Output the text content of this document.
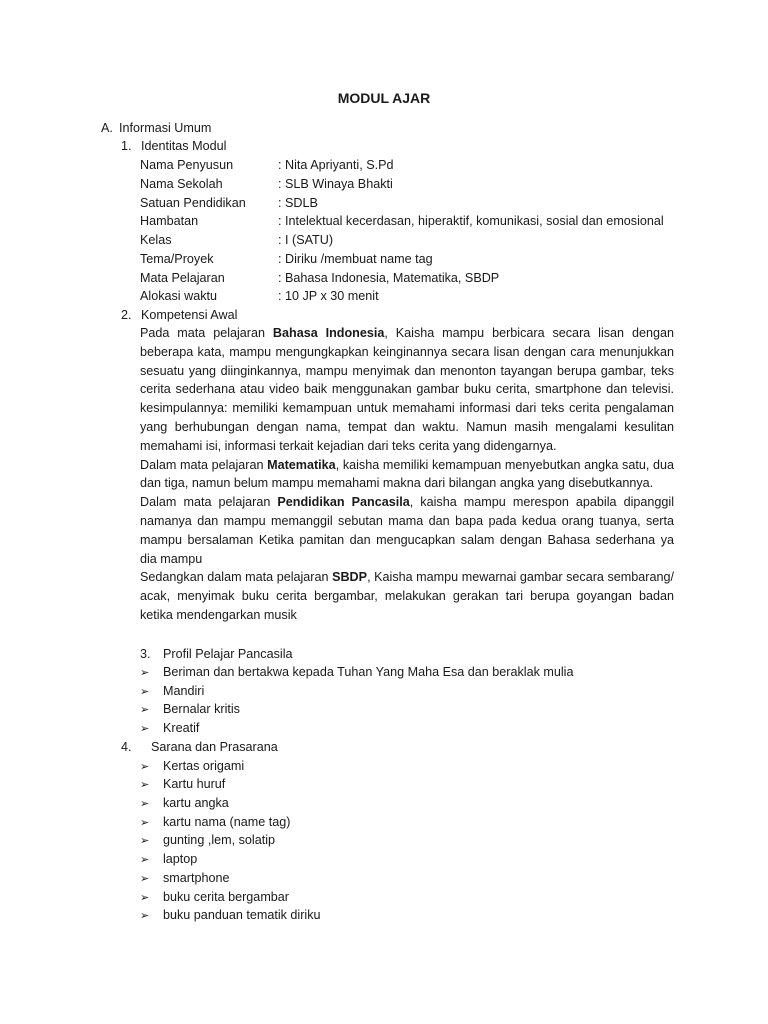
MODUL AJAR
A. Informasi Umum
1. Identitas Modul
Nama Penyusun	: Nita Apriyanti, S.Pd
Nama Sekolah	: SLB Winaya Bhakti
Satuan Pendidikan	: SDLB
Hambatan	: Intelektual kecerdasan, hiperaktif, komunikasi, sosial dan emosional
Kelas	: I (SATU)
Tema/Proyek	: Diriku /membuat name tag
Mata Pelajaran	: Bahasa Indonesia, Matematika, SBDP
Alokasi waktu	: 10 JP x 30 menit
2. Kompetensi Awal

Pada mata pelajaran Bahasa Indonesia, Kaisha mampu berbicara secara lisan dengan beberapa kata, mampu mengungkapkan keinginannya secara lisan dengan cara menunjukkan sesuatu yang diinginkannya, mampu menyimak dan menonton tayangan berupa gambar, teks cerita sederhana atau video baik menggunakan gambar buku cerita, smartphone dan televisi. kesimpulannya: memiliki kemampuan untuk memahami informasi dari teks cerita pengalaman yang berhubungan dengan nama, tempat dan waktu. Namun masih mengalami kesulitan memahami isi, informasi terkait kejadian dari teks cerita yang didengarnya.

Dalam mata pelajaran Matematika, kaisha memiliki kemampuan menyebutkan angka satu, dua dan tiga, namun belum mampu memahami makna dari bilangan angka yang disebutkannya.

Dalam mata pelajaran Pendidikan Pancasila, kaisha mampu merespon apabila dipanggil namanya dan mampu memanggil sebutan mama dan bapa pada kedua orang tuanya, serta mampu bersalaman Ketika pamitan dan mengucapkan salam dengan Bahasa sederhana ya dia mampu

Sedangkan dalam mata pelajaran SBDP, Kaisha mampu mewarnai gambar secara sembarang/ acak, menyimak buku cerita bergambar, melakukan gerakan tari berupa goyangan badan ketika mendengarkan musik

3. Profil Pelajar Pancasila
➢ Beriman dan bertakwa kepada Tuhan Yang Maha Esa dan beraklak mulia
➢ Mandiri
➢ Bernalar kritis
➢ Kreatif
4. Sarana dan Prasarana
➢ Kertas origami
➢ Kartu huruf
➢ kartu angka
➢ kartu nama (name tag)
➢ gunting ,lem, solatip
➢ laptop
➢ smartphone
➢ buku cerita bergambar
➢ buku panduan tematik diriku
